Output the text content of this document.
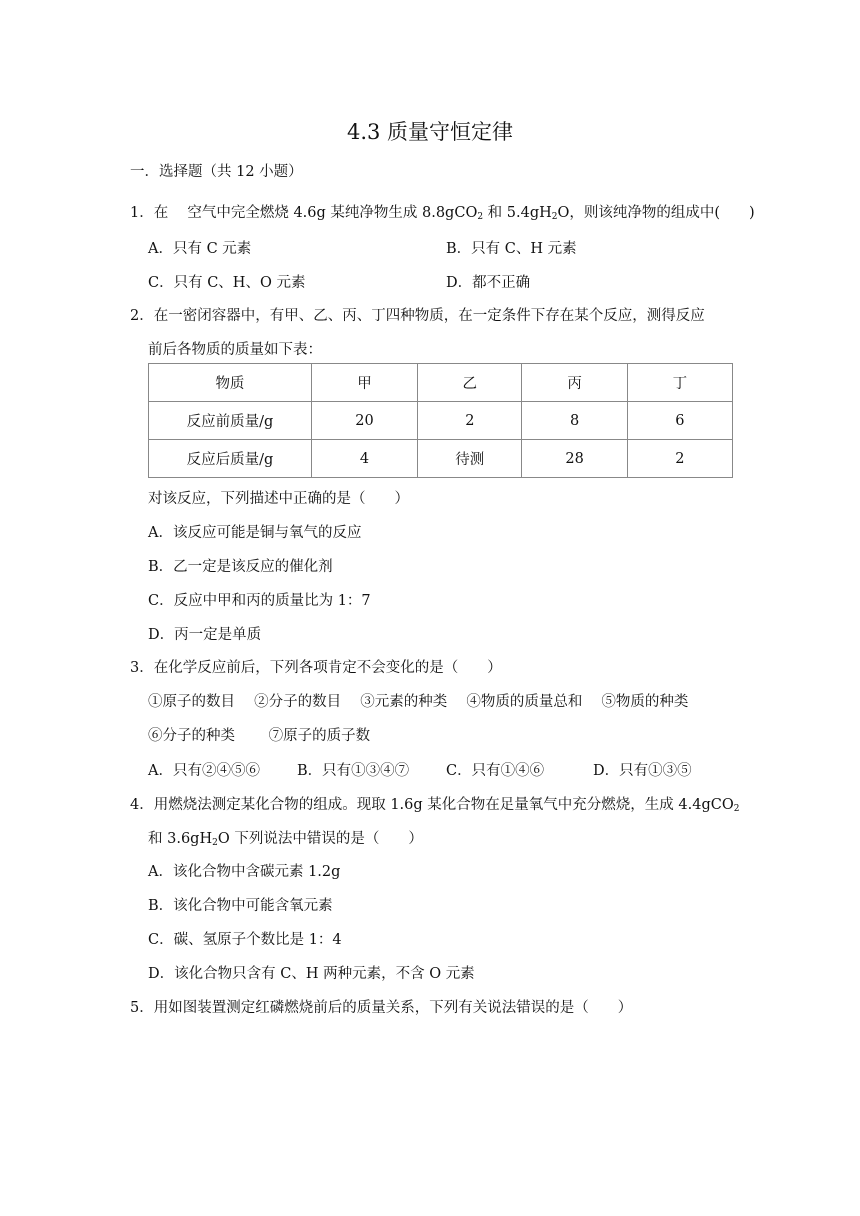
4.3 质量守恒定律
一．选择题（共 12 小题）
1．在　 空气中完全燃烧 4.6g 某纯净物生成 8.8gCO$_2$ 和 $5.4gH_2O$，则该纯净物的组成中(　　)
A．只有 C 元素	B．只有 C、H 元素
C．只有 C、H、O 元素	D．都不正确
2．在一密闭容器中，有甲、乙、丙、丁四种物质，在一定条件下存在某个反应，测得反应
前后各物质的质量如下表：
物质	甲	乙	丙	丁
反应前质量/g	20	2	8	6
反应后质量/g	4	待测	28	2
对该反应，下列描述中正确的是（　　）
A．该反应可能是铜与氧气的反应
B．乙一定是该反应的催化剂
C．反应中甲和丙的质量比为 1：7
D．丙一定是单质
3．在化学反应前后，下列各项肯定不会变化的是（　　）
①原子的数目　 ②分子的数目　 ③元素的种类　 ④物质的质量总和　 ⑤物质的种类
⑥分子的种类　　 ⑦原子的质子数
A．只有②④⑤⑥	B．只有①③④⑦	C．只有①④⑥	D．只有①③⑤
4．用燃烧法测定某化合物的组成。现取 1.6g 某化合物在足量氧气中充分燃烧，生成 4.4gCO$_2$
和 $3.6gH_2O$ 下列说法中错误的是（　　）
A．该化合物中含碳元素 1.2g
B．该化合物中可能含氧元素
C．碳、氢原子个数比是 1：4
D．该化合物只含有 C、H 两种元素，不含 O 元素
5．用如图装置测定红磷燃烧前后的质量关系，下列有关说法错误的是（　　）
